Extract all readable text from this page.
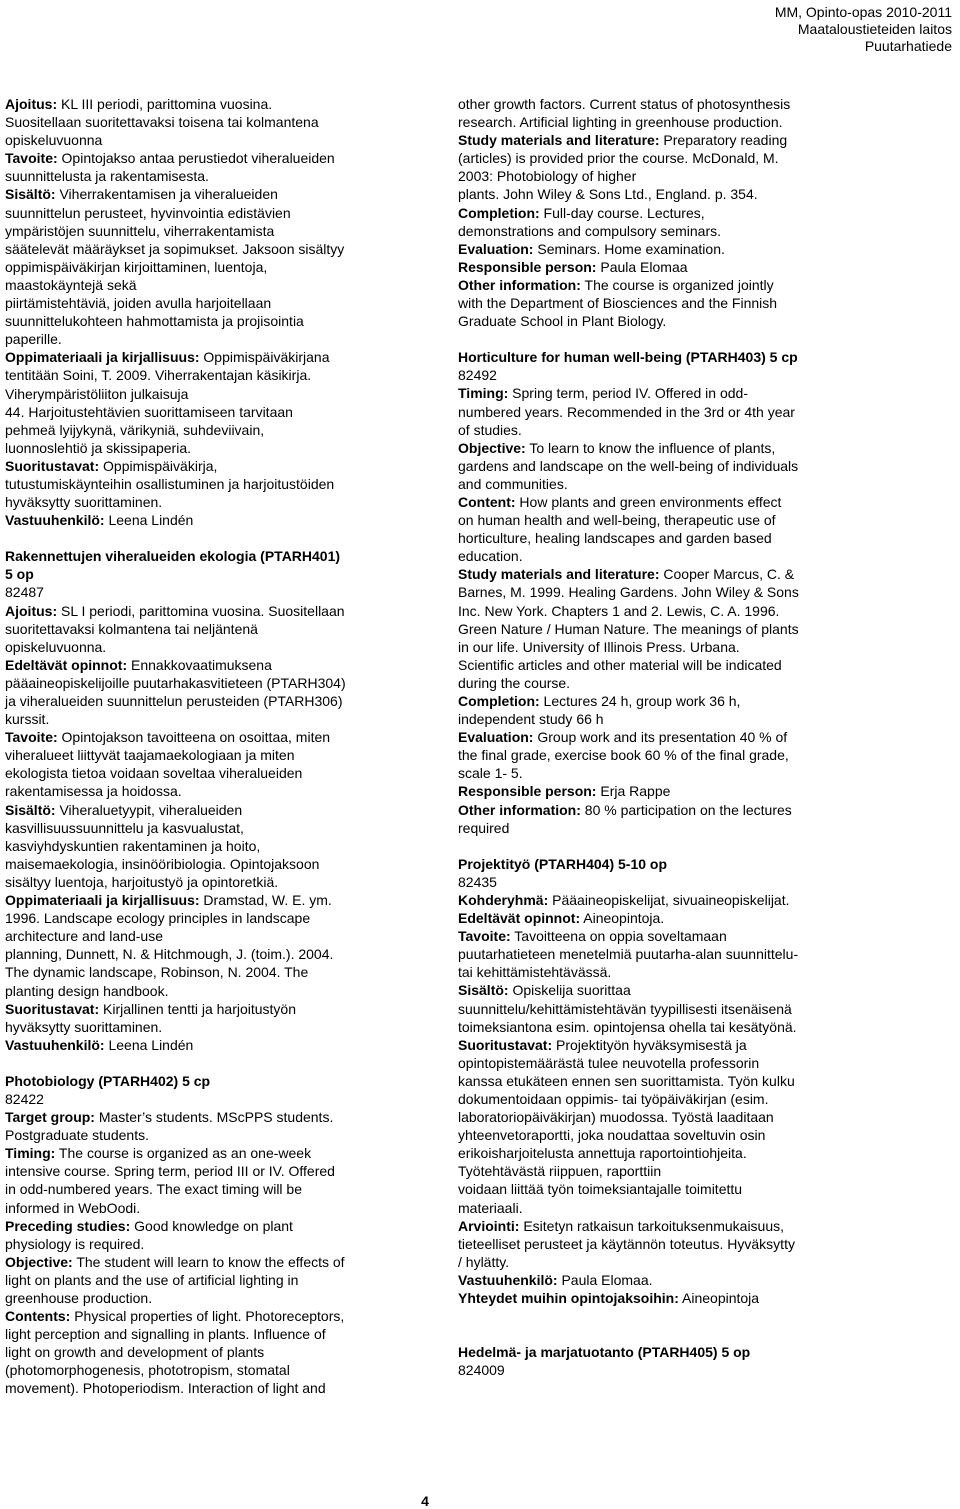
MM, Opinto-opas 2010-2011
Maataloustieteiden laitos
Puutarhatiede
Ajoitus: KL III periodi, parittomina vuosina.
Suositellaan suoritettavaksi toisena tai kolmantena
opiskeluvuonna
Tavoite: Opintojakso antaa perustiedot viheralueiden
suunnittelusta ja rakentamisesta.
Sisältö: Viherrakentamisen ja viheralueiden
suunnittelun perusteet, hyvinvointia edistävien
ympäristöjen suunnittelu, viherrakentamista
säätelevät määräykset ja sopimukset. Jaksoon sisältyy
oppimispäiväkirjan kirjoittaminen, luentoja,
maastokäyntejä sekä
piirtämistehtäviä, joiden avulla harjoitellaan
suunnittelukohteen hahmottamista ja projisointia
paperille.
Oppimateriaali ja kirjallisuus: Oppimispäiväkirjana
tentitään Soini, T. 2009. Viherrakentajan käsikirja.
Viherympäristöliiton julkaisuja
44. Harjoitustehtävien suorittamiseen tarvitaan
pehmeä lyijykynä, värikyniä, suhdeviivain,
luonnoslehtiö ja skissipaperia.
Suoritustavat: Oppimispäiväkirja,
tutustumiskäynteihin osallistuminen ja harjoitustöiden
hyväksytty suorittaminen.
Vastuuhenkilö: Leena Lindén
Rakennettujen viheralueiden ekologia (PTARH401)
5 op
82487
Ajoitus: SL I periodi, parittomina vuosina. Suositellaan
suoritettavaksi kolmantena tai neljäntenä
opiskeluvuonna.
Edeltävät opinnot: Ennakkovaatimuksena
pääaineopiskelijoille puutarhakasvitieteen (PTARH304)
ja viheralueiden suunnittelun perusteiden (PTARH306)
kurssit.
Tavoite: Opintojakson tavoitteena on osoittaa, miten
viheralueet liittyvät taajamaekologiaan ja miten
ekologista tietoa voidaan soveltaa viheralueiden
rakentamisessa ja hoidossa.
Sisältö: Viheraluetyypit, viheralueiden
kasvillisuussuunnittelu ja kasvualustat,
kasviyhdyskuntien rakentaminen ja hoito,
maisemaekologia, insinööribiologia. Opintojaksoon
sisältyy luentoja, harjoitustyö ja opintoretkiä.
Oppimateriaali ja kirjallisuus: Dramstad, W. E. ym.
1996. Landscape ecology principles in landscape
architecture and land-use
planning, Dunnett, N. & Hitchmough, J. (toim.). 2004.
The dynamic landscape, Robinson, N. 2004. The
planting design handbook.
Suoritustavat: Kirjallinen tentti ja harjoitustyön
hyväksytty suorittaminen.
Vastuuhenkilö: Leena Lindén
Photobiology (PTARH402) 5 cp
82422
Target group: Master’s students. MScPPS students.
Postgraduate students.
Timing: The course is organized as an one-week
intensive course. Spring term, period III or IV. Offered
in odd-numbered years. The exact timing will be
informed in WebOodi.
Preceding studies: Good knowledge on plant
physiology is required.
Objective: The student will learn to know the effects of
light on plants and the use of artificial lighting in
greenhouse production.
Contents: Physical properties of light. Photoreceptors,
light perception and signalling in plants. Influence of
light on growth and development of plants
(photomorphogenesis, phototropism, stomatal
movement). Photoperiodism. Interaction of light and
other growth factors. Current status of photosynthesis
research. Artificial lighting in greenhouse production.
Study materials and literature: Preparatory reading
(articles) is provided prior the course. McDonald, M.
2003: Photobiology of higher
plants. John Wiley & Sons Ltd., England. p. 354.
Completion: Full-day course. Lectures,
demonstrations and compulsory seminars.
Evaluation: Seminars. Home examination.
Responsible person: Paula Elomaa
Other information: The course is organized jointly
with the Department of Biosciences and the Finnish
Graduate School in Plant Biology.
Horticulture for human well-being (PTARH403) 5 cp
82492
Timing: Spring term, period IV. Offered in odd-
numbered years. Recommended in the 3rd or 4th year
of studies.
Objective: To learn to know the influence of plants,
gardens and landscape on the well-being of individuals
and communities.
Content: How plants and green environments effect
on human health and well-being, therapeutic use of
horticulture, healing landscapes and garden based
education.
Study materials and literature: Cooper Marcus, C. &
Barnes, M. 1999. Healing Gardens. John Wiley & Sons
Inc. New York. Chapters 1 and 2. Lewis, C. A. 1996.
Green Nature / Human Nature. The meanings of plants
in our life. University of Illinois Press. Urbana.
Scientific articles and other material will be indicated
during the course.
Completion: Lectures 24 h, group work 36 h,
independent study 66 h
Evaluation: Group work and its presentation 40 % of
the final grade, exercise book 60 % of the final grade,
scale 1- 5.
Responsible person: Erja Rappe
Other information: 80 % participation on the lectures
required
Projektityö (PTARH404) 5-10 op
82435
Kohderyhmä: Pääaineopiskelijat, sivuaineopiskelijat.
Edeltävät opinnot: Aineopintoja.
Tavoite: Tavoitteena on oppia soveltamaan
puutarhatieteen menetelmiä puutarha-alan suunnittelu-
tai kehittämistehtävässä.
Sisältö: Opiskelija suorittaa
suunnittelu/kehittämistehtävän tyypillisesti itsenäisenä
toimeksiantona esim. opintojensa ohella tai kesätyönä.
Suoritustavat: Projektityön hyväksymisestä ja
opintopistemäärästä tulee neuvotella professorin
kanssa etukäteen ennen sen suorittamista. Työn kulku
dokumentoidaan oppimis- tai työpäiväkirjan (esim.
laboratoriopäiväkirjan) muodossa. Työstä laaditaan
yhteenvetoraportti, joka noudattaa soveltuvin osin
erikoisharjoitelusta annettuja raportointiohjeita.
Työtehtävästä riippuen, raporttiin
voidaan liittää työn toimeksiantajalle toimitettu
materiaali.
Arviointi: Esitetyn ratkaisun tarkoituksenmukaisuus,
tieteelliset perusteet ja käytännön toteutus. Hyväksytty
/ hylätty.
Vastuuhenkilö: Paula Elomaa.
Yhteydet muihin opintojaksoihin: Aineopintoja
Hedelmä- ja marjatuotanto (PTARH405) 5 op
824009
4
